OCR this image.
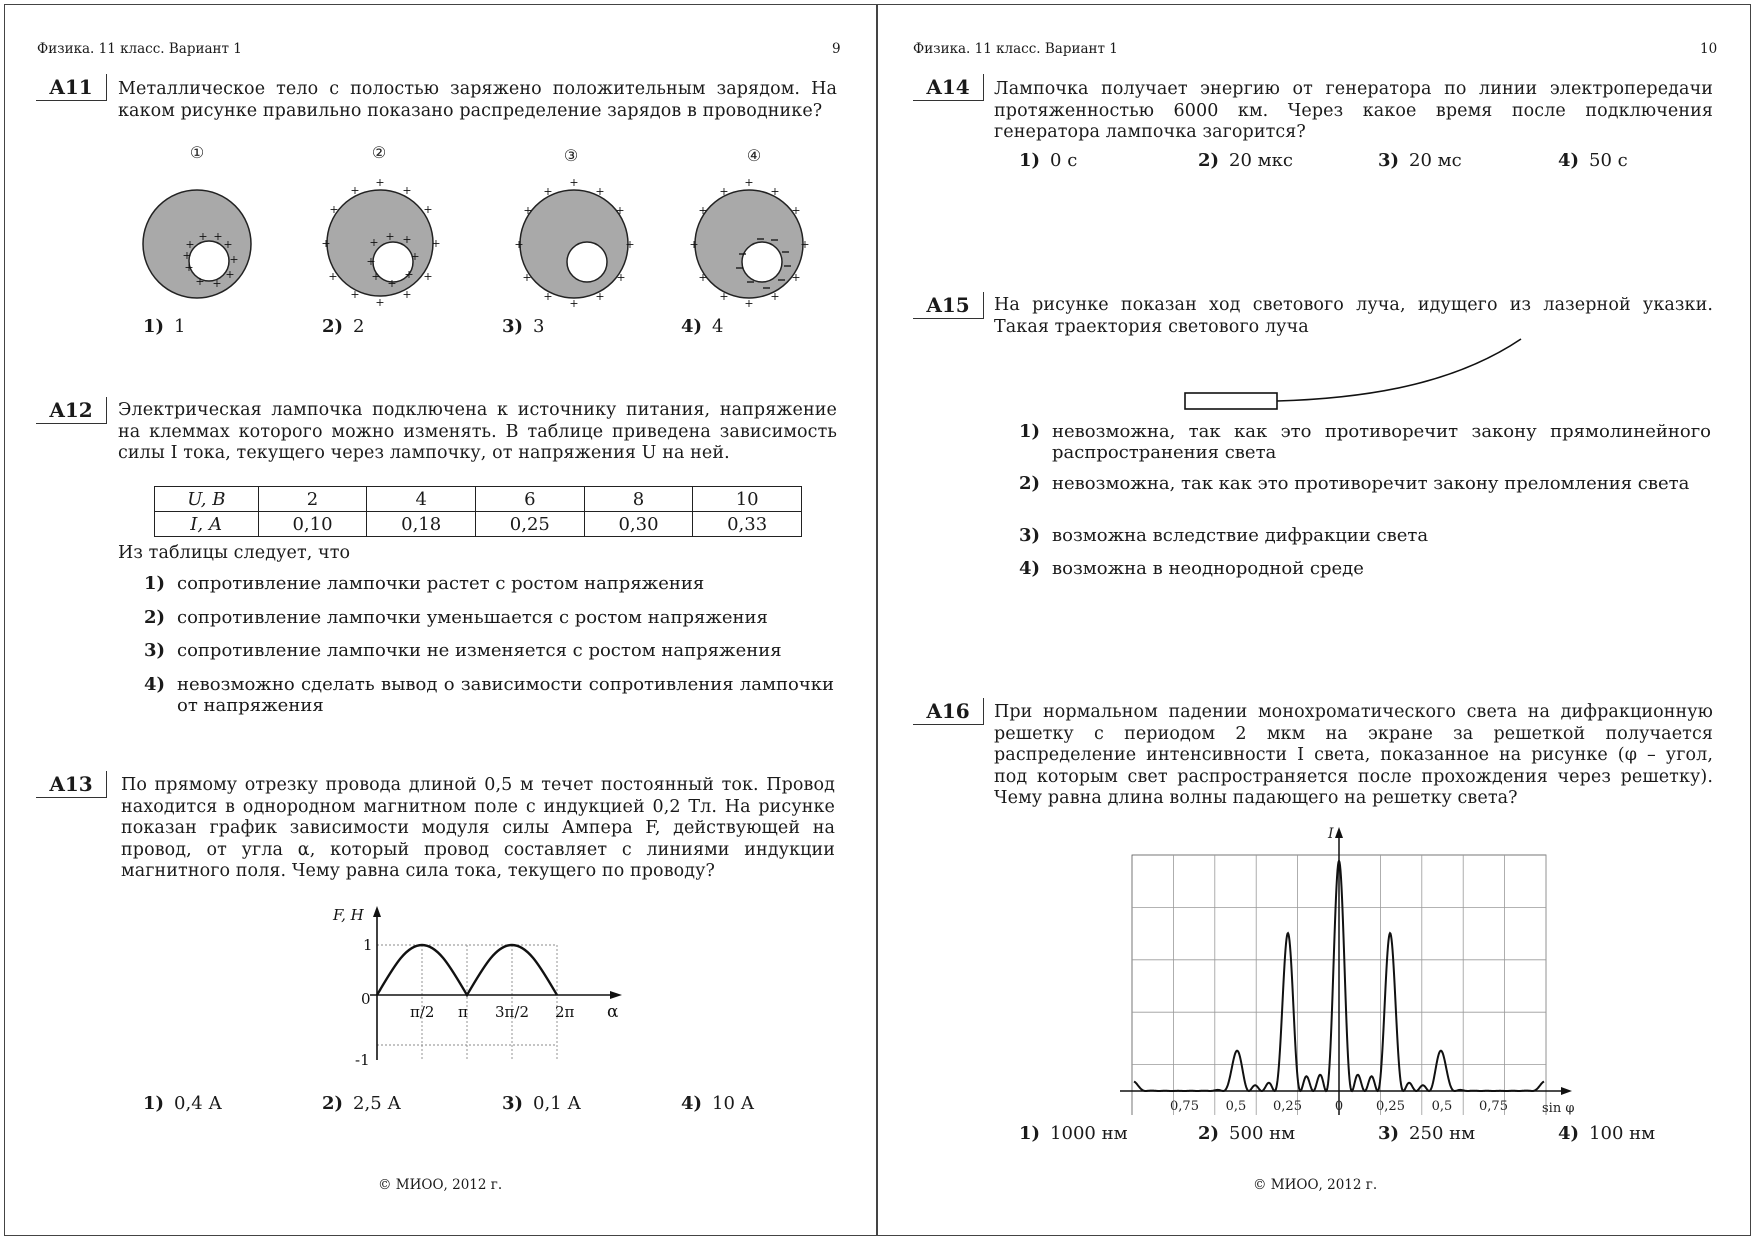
Физика. 11 класс. Вариант 1	9
A11	Металлическое тело с полостью заряжено положительным зарядом. На каком рисунке правильно показано распределение зарядов в проводнике?
①	②	③	④
+
+ +
+
+
+
+
+
+
+
+
+	+
+	+
+	+
+	+
+	+
+
+ + +
+
+
+
+
+
+
+	+
+	+
+	+
+	+
+	+
+
+
+	+
+	+
+	+
+	+
+	+
+
1) 1	2) 2	3) 3	4) 4
A12	Электрическая лампочка подключена к источнику питания, напряжение на клеммах которого можно изменять. В таблице приведена зависимость силы I тока, текущего через лампочку, от напряжения U на ней.
U, В	2	4	6	8	10
I, А	0,10	0,18	0,25	0,30	0,33
Из таблицы следует, что
1) сопротивление лампочки растет с ростом напряжения
2) сопротивление лампочки уменьшается с ростом напряжения
3) сопротивление лампочки не изменяется с ростом напряжения
4) невозможно сделать вывод о зависимости сопротивления лампочки от напряжения
A13	По прямому отрезку провода длиной 0,5 м течет постоянный ток. Провод находится в однородном магнитном поле с индукцией 0,2 Тл. На рисунке показан график зависимости модуля силы Ампера F, действующей на провод, от угла α, который провод составляет с линиями индукции магнитного поля. Чему равна сила тока, текущего по проводу?
F, Н
1
0
-1
π/2 π 3π/2 2π α
1) 0,4 А	2) 2,5 А	3) 0,1 А	4) 10 А
© МИОО, 2012 г.
Физика. 11 класс. Вариант 1	10
A14	Лампочка получает энергию от генератора по линии электропередачи протяженностью 6000 км. Через какое время после подключения генератора лампочка загорится?
1) 0 с	2) 20 мкс	3) 20 мс	4) 50 с
A15	На рисунке показан ход светового луча, идущего из лазерной указки. Такая траектория светового луча
1) невозможна, так как это противоречит закону прямолинейного распространения света
2) невозможна, так как это противоречит закону преломления света
3) возможна вследствие дифракции света
4) возможна в неоднородной среде
A16	При нормальном падении монохроматического света на дифракционную решетку с периодом 2 мкм на экране за решеткой получается распределение интенсивности I света, показанное на рисунке (φ – угол, под которым свет распространяется после прохождения через решетку). Чему равна длина волны падающего на решетку света?
I
sin φ
0,75 0,5 0,25	0	0,25 0,5 0,75
1) 1000 нм	2) 500 нм	3) 250 нм	4) 100 нм
© МИОО, 2012 г.
